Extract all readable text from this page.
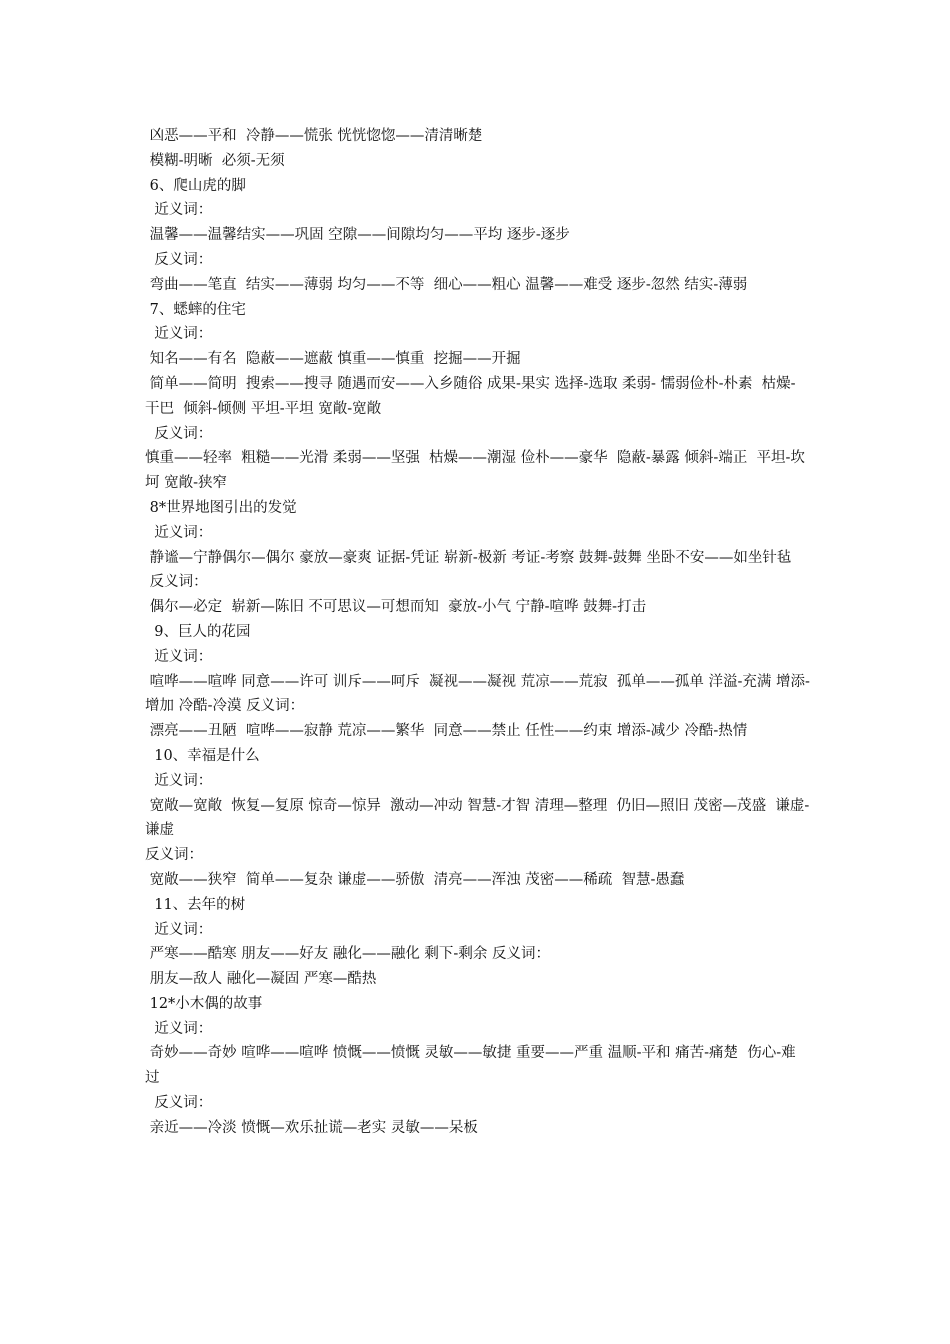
凶恶——平和  冷静——慌张 恍恍惚惚——清清晰楚

模糊-明晰  必须-无须

6、爬山虎的脚

近义词：

温馨——温馨结实——巩固 空隙——间隙均匀——平均 逐步-逐步

反义词：

弯曲——笔直  结实——薄弱 均匀——不等  细心——粗心 温馨——难受 逐步-忽然 结实-薄弱

7、蟋蟀的住宅

近义词：

知名——有名  隐蔽——遮蔽 慎重——慎重  挖掘——开掘

简单——简明  搜索——搜寻 随遇而安——入乡随俗 成果-果实 选择-选取 柔弱- 懦弱俭朴-朴素  枯燥-干巴  倾斜-倾侧 平坦-平坦 宽敞-宽敞

反义词：

慎重——轻率  粗糙——光滑 柔弱——坚强  枯燥——潮湿 俭朴——豪华  隐蔽-暴露 倾斜-端正  平坦-坎坷 宽敞-狭窄

8*世界地图引出的发觉

近义词：

静谧—宁静偶尔—偶尔 豪放—豪爽 证据-凭证 崭新-极新 考证-考察 鼓舞-鼓舞 坐卧不安——如坐针毡

反义词：

偶尔—必定  崭新—陈旧 不可思议—可想而知  豪放-小气 宁静-喧哗 鼓舞-打击

9、巨人的花园

近义词：

喧哗——喧哗 同意——许可 训斥——呵斥  凝视——凝视 荒凉——荒寂  孤单——孤单 洋溢-充满 增添-增加 冷酷-冷漠 反义词：

漂亮——丑陋  喧哗——寂静 荒凉——繁华  同意——禁止 任性——约束 增添-减少 冷酷-热情

10、幸福是什么

近义词：

宽敞—宽敞  恢复—复原 惊奇—惊异  激动—冲动 智慧-才智 清理—整理  仍旧—照旧 茂密—茂盛  谦虚-谦虚

反义词：

宽敞——狭窄  简单——复杂 谦虚——骄傲  清亮——浑浊 茂密——稀疏  智慧-愚蠢

11、去年的树

近义词：

严寒——酷寒 朋友——好友 融化——融化 剩下-剩余 反义词：

朋友—敌人 融化—凝固 严寒—酷热

12*小木偶的故事

近义词：

奇妙——奇妙 喧哗——喧哗 愤慨——愤慨 灵敏——敏捷 重要——严重 温顺-平和 痛苦-痛楚  伤心-难过

反义词：

亲近——冷淡 愤慨—欢乐扯谎—老实 灵敏——呆板
